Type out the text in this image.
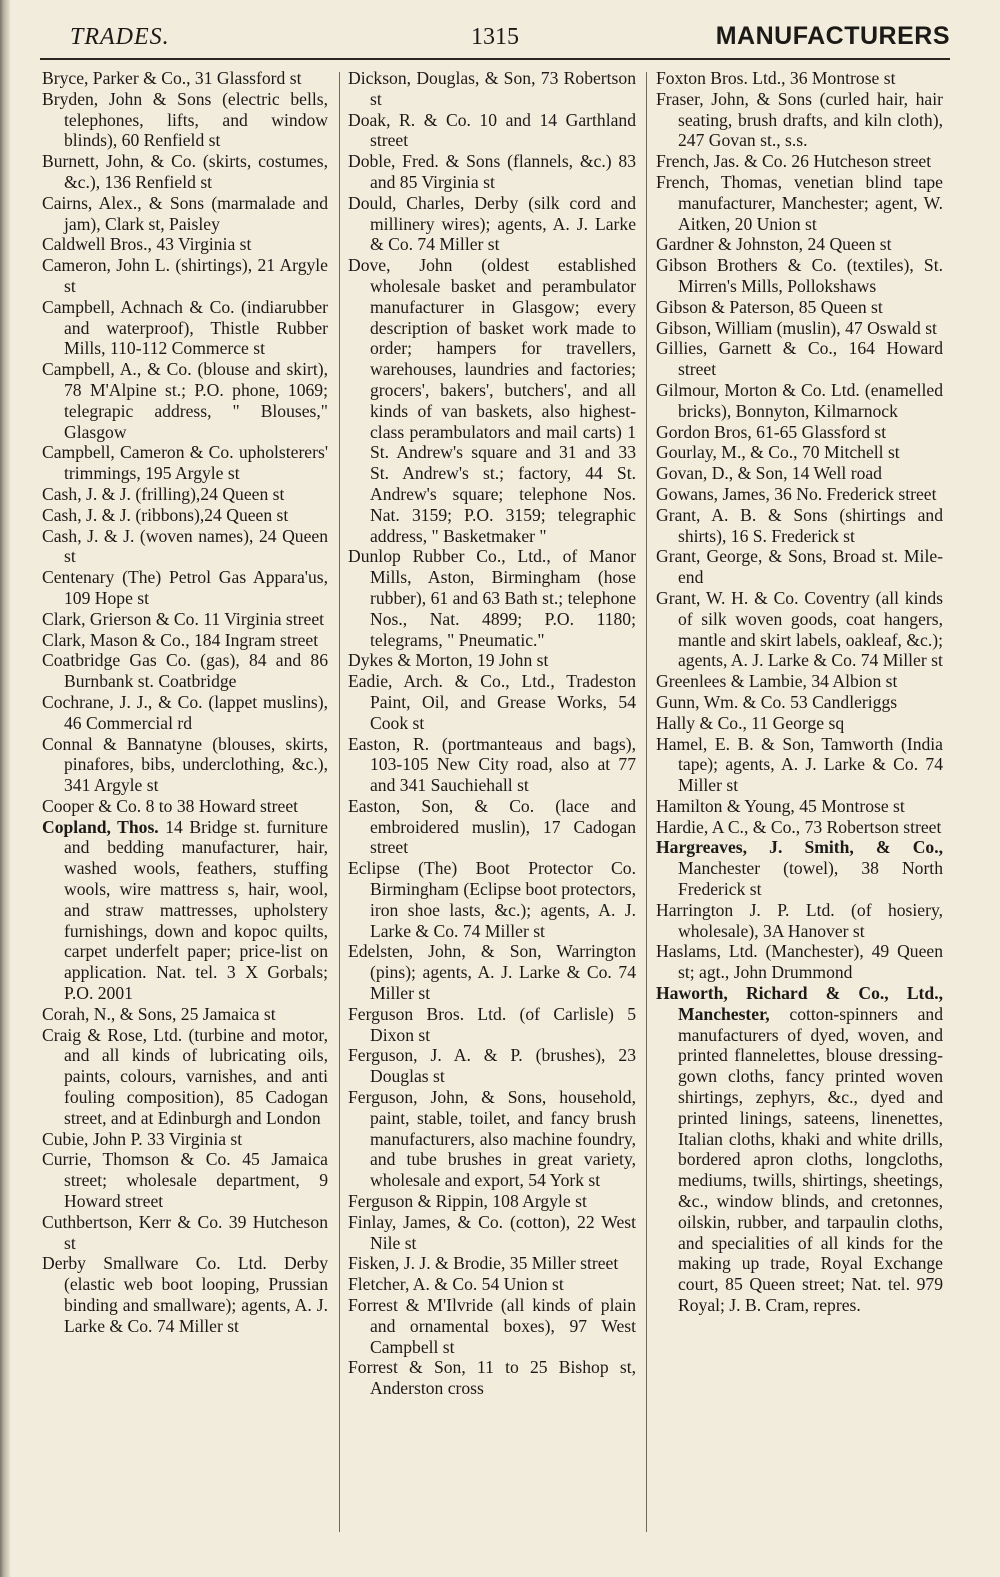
TRADES.	1315	MANUFACTURERS

Bryce, Parker & Co., 31 Glassford st

Bryden, John & Sons (electric bells, telephones, lifts, and window blinds), 60 Renfield st

Burnett, John, & Co. (skirts, costumes, &c.), 136 Renfield st

Cairns, Alex., & Sons (marmalade and jam), Clark st, Paisley

Caldwell Bros., 43 Virginia st

Cameron, John L. (shirtings), 21 Argyle st

Campbell, Achnach & Co. (indiarubber and waterproof), Thistle Rubber Mills, 110-112 Commerce st

Campbell, A., & Co. (blouse and skirt), 78 M'Alpine st.; P.O. phone, 1069; telegrapic address, " Blouses," Glasgow

Campbell, Cameron & Co. upholsterers' trimmings, 195 Argyle st

Cash, J. & J. (frilling),24 Queen st

Cash, J. & J. (ribbons),24 Queen st

Cash, J. & J. (woven names), 24 Queen st

Centenary (The) Petrol Gas Appara'us, 109 Hope st

Clark, Grierson & Co. 11 Virginia street

Clark, Mason & Co., 184 Ingram street

Coatbridge Gas Co. (gas), 84 and 86 Burnbank st. Coatbridge

Cochrane, J. J., & Co. (lappet muslins), 46 Commercial rd

Connal & Bannatyne (blouses, skirts, pinafores, bibs, underclothing, &c.), 341 Argyle st

Cooper & Co. 8 to 38 Howard street

Copland, Thos. 14 Bridge st. furniture and bedding manufacturer, hair, washed wools, feathers, stuffing wools, wire mattress s, hair, wool, and straw mattresses, upholstery furnishings, down and kopoc quilts, carpet underfelt paper; price-list on application. Nat. tel. 3 X Gorbals; P.O. 2001

Corah, N., & Sons, 25 Jamaica st

Craig & Rose, Ltd. (turbine and motor, and all kinds of lubricating oils, paints, colours, varnishes, and anti fouling composition), 85 Cadogan street, and at Edinburgh and London

Cubie, John P. 33 Virginia st

Currie, Thomson & Co. 45 Jamaica street; wholesale department, 9 Howard street

Cuthbertson, Kerr & Co. 39 Hutcheson st

Derby Smallware Co. Ltd. Derby (elastic web boot looping, Prussian binding and smallware); agents, A. J. Larke & Co. 74 Miller st

Dickson, Douglas, & Son, 73 Robertson st

Doak, R. & Co. 10 and 14 Garthland street

Doble, Fred. & Sons (flannels, &c.) 83 and 85 Virginia st

Dould, Charles, Derby (silk cord and millinery wires); agents, A. J. Larke & Co. 74 Miller st

Dove, John (oldest established wholesale basket and perambulator manufacturer in Glasgow; every description of basket work made to order; hampers for travellers, warehouses, laundries and factories; grocers', bakers', butchers', and all kinds of van baskets, also highest-class perambulators and mail carts) 1 St. Andrew's square and 31 and 33 St. Andrew's st.; factory, 44 St. Andrew's square; telephone Nos. Nat. 3159; P.O. 3159; telegraphic address, " Basketmaker "

Dunlop Rubber Co., Ltd., of Manor Mills, Aston, Birmingham (hose rubber), 61 and 63 Bath st.; telephone Nos., Nat. 4899; P.O. 1180; telegrams, " Pneumatic."

Dykes & Morton, 19 John st

Eadie, Arch. & Co., Ltd., Tradeston Paint, Oil, and Grease Works, 54 Cook st

Easton, R. (portmanteaus and bags), 103-105 New City road, also at 77 and 341 Sauchiehall st

Easton, Son, & Co. (lace and embroidered muslin), 17 Cadogan street

Eclipse (The) Boot Protector Co. Birmingham (Eclipse boot protectors, iron shoe lasts, &c.); agents, A. J. Larke & Co. 74 Miller st

Edelsten, John, & Son, Warrington (pins); agents, A. J. Larke & Co. 74 Miller st

Ferguson Bros. Ltd. (of Carlisle) 5 Dixon st

Ferguson, J. A. & P. (brushes), 23 Douglas st

Ferguson, John, & Sons, household, paint, stable, toilet, and fancy brush manufacturers, also machine foundry, and tube brushes in great variety, wholesale and export, 54 York st

Ferguson & Rippin, 108 Argyle st

Finlay, James, & Co. (cotton), 22 West Nile st

Fisken, J. J. & Brodie, 35 Miller street

Fletcher, A. & Co. 54 Union st

Forrest & M'Ilvride (all kinds of plain and ornamental boxes), 97 West Campbell st

Forrest & Son, 11 to 25 Bishop st, Anderston cross

Foxton Bros. Ltd., 36 Montrose st

Fraser, John, & Sons (curled hair, hair seating, brush drafts, and kiln cloth), 247 Govan st., s.s.

French, Jas. & Co. 26 Hutcheson street

French, Thomas, venetian blind tape manufacturer, Manchester; agent, W. Aitken, 20 Union st

Gardner & Johnston, 24 Queen st

Gibson Brothers & Co. (textiles), St. Mirren's Mills, Pollokshaws

Gibson & Paterson, 85 Queen st

Gibson, William (muslin), 47 Oswald st

Gillies, Garnett & Co., 164 Howard street

Gilmour, Morton & Co. Ltd. (enamelled bricks), Bonnyton, Kilmarnock

Gordon Bros, 61-65 Glassford st

Gourlay, M., & Co., 70 Mitchell st

Govan, D., & Son, 14 Well road

Gowans, James, 36 No. Frederick street

Grant, A. B. & Sons (shirtings and shirts), 16 S. Frederick st

Grant, George, & Sons, Broad st. Mile-end

Grant, W. H. & Co. Coventry (all kinds of silk woven goods, coat hangers, mantle and skirt labels, oakleaf, &c.); agents, A. J. Larke & Co. 74 Miller st

Greenlees & Lambie, 34 Albion st

Gunn, Wm. & Co. 53 Candleriggs

Hally & Co., 11 George sq

Hamel, E. B. & Son, Tamworth (India tape); agents, A. J. Larke & Co. 74 Miller st

Hamilton & Young, 45 Montrose st

Hardie, A C., & Co., 73 Robertson street

Hargreaves, J. Smith, & Co., Manchester (towel), 38 North Frederick st

Harrington J. P. Ltd. (of hosiery, wholesale), 3A Hanover st

Haslams, Ltd. (Manchester), 49 Queen st; agt., John Drummond

Haworth, Richard & Co., Ltd., Manchester, cotton-spinners and manufacturers of dyed, woven, and printed flannelettes, blouse dressing-gown cloths, fancy printed woven shirtings, zephyrs, &c., dyed and printed linings, sateens, linenettes, Italian cloths, khaki and white drills, bordered apron cloths, longcloths, mediums, twills, shirtings, sheetings, &c., window blinds, and cretonnes, oilskin, rubber, and tarpaulin cloths, and specialities of all kinds for the making up trade, Royal Exchange court, 85 Queen street; Nat. tel. 979 Royal; J. B. Cram, repres.
